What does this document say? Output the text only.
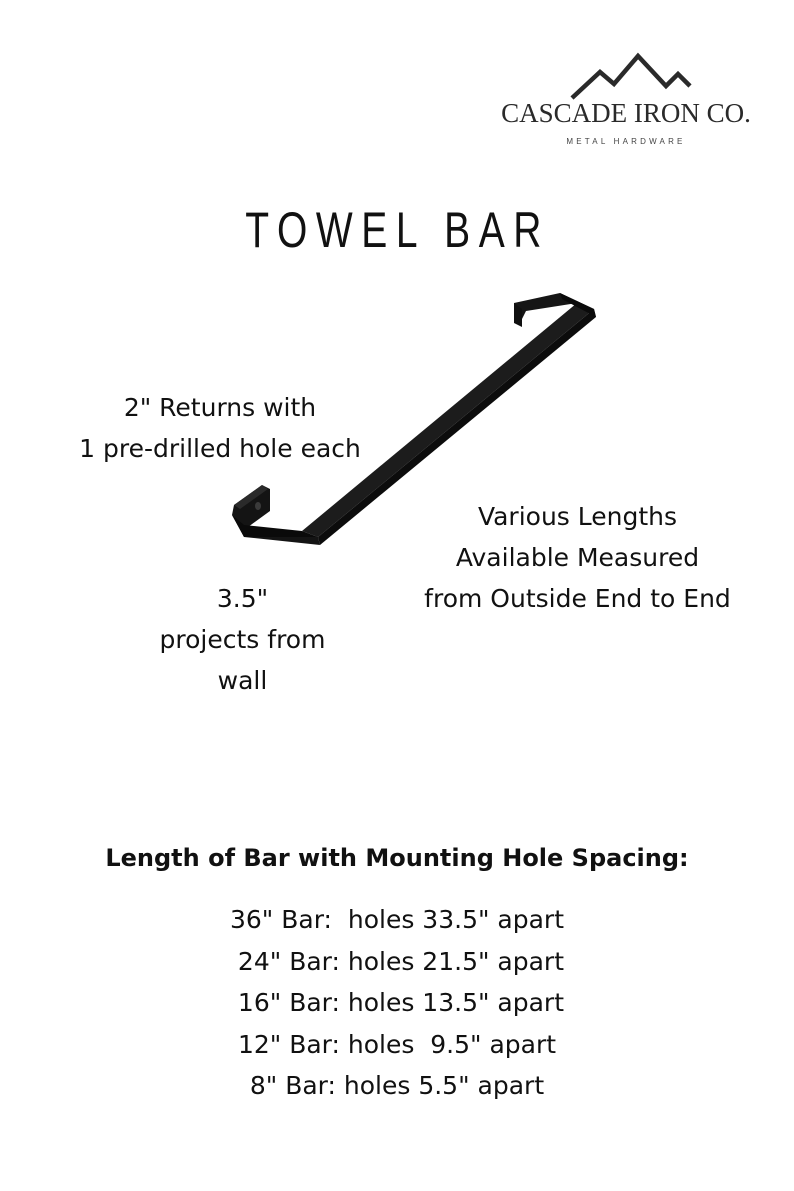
CASCADE IRON CO.
METAL HARDWARE
TOWEL BAR
2" Returns with
1 pre-drilled hole each
Various Lengths
Available Measured
from Outside End to End
3.5"
projects from
wall
Length of Bar with Mounting Hole Spacing:
36" Bar:  holes 33.5" apart
24" Bar: holes 21.5" apart
16" Bar: holes 13.5" apart
12" Bar: holes  9.5" apart
8" Bar: holes 5.5" apart
